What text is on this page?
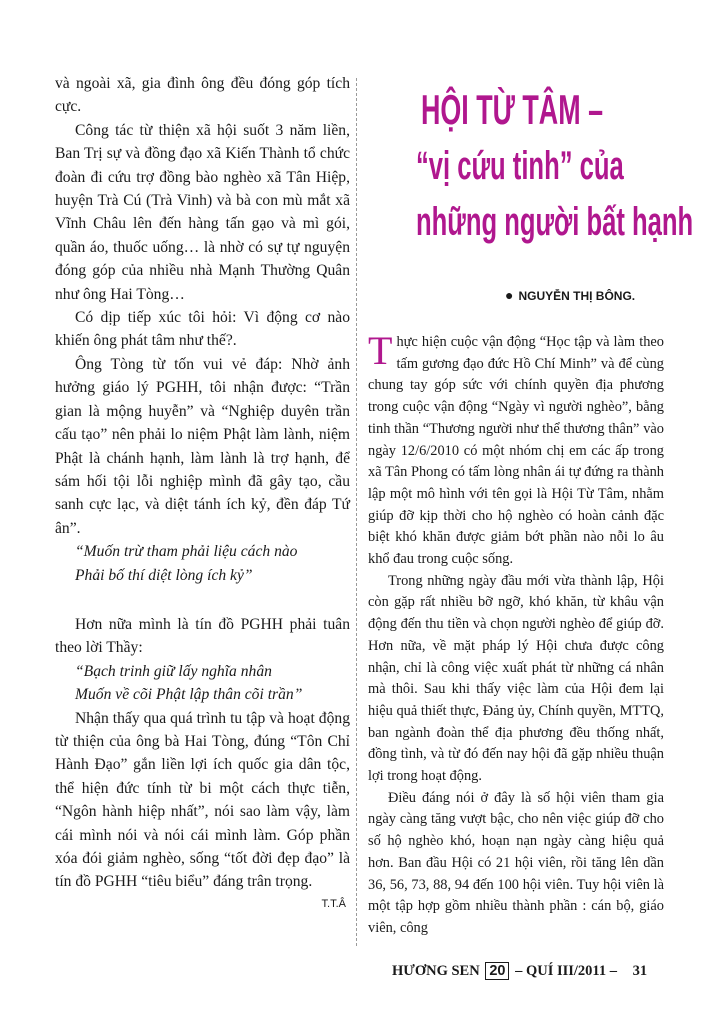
và ngoài xã, gia đình ông đều đóng góp tích cực.

Công tác từ thiện xã hội suốt 3 năm liền, Ban Trị sự và đồng đạo xã Kiến Thành tổ chức đoàn đi cứu trợ đồng bào nghèo xã Tân Hiệp, huyện Trà Cú (Trà Vinh) và bà con mù mắt xã Vĩnh Châu lên đến hàng tấn gạo và mì gói, quần áo, thuốc uống… là nhờ có sự tự nguyện đóng góp của nhiều nhà Mạnh Thường Quân như ông Hai Tòng…

Có dịp tiếp xúc tôi hỏi: Vì động cơ nào khiến ông phát tâm như thế?.

Ông Tòng từ tốn vui vẻ đáp: Nhờ ảnh hưởng giáo lý PGHH, tôi nhận được: “Trần gian là mộng huyễn” và “Nghiệp duyên trần cấu tạo” nên phải lo niệm Phật làm lành, niệm Phật là chánh hạnh, làm lành là trợ hạnh, để sám hối tội lỗi nghiệp mình đã gây tạo, cầu sanh cực lạc, và diệt tánh ích kỷ, đền đáp Tứ ân”.

“Muốn trừ tham phải liệu cách nào

Phải bố thí diệt lòng ích kỷ”

Hơn nữa mình là tín đồ PGHH phải tuân theo lời Thầy:

“Bạch trinh giữ lấy nghĩa nhân

Muốn về cõi Phật lập thân cõi trần”

Nhận thấy qua quá trình tu tập và hoạt động từ thiện của ông bà Hai Tòng, đúng “Tôn Chỉ Hành Đạo” gắn liền lợi ích quốc gia dân tộc, thể hiện đức tính từ bi một cách thực tiễn, “Ngôn hành hiệp nhất”, nói sao làm vậy, làm cái mình nói và nói cái mình làm. Góp phần xóa đói giảm nghèo, sống “tốt đời đẹp đạo” là tín đồ PGHH “tiêu biểu” đáng trân trọng.

T.T.Â
HỘI TỪ TÂM –
“vị cứu tinh” của
những người bất hạnh
● NGUYỄN THỊ BÔNG.

Thực hiện cuộc vận động “Học tập và làm theo tấm gương đạo đức Hồ Chí Minh” và để cùng chung tay góp sức với chính quyền địa phương trong cuộc vận động “Ngày vì người nghèo”, bằng tinh thần “Thương người như thể thương thân” vào ngày 12/6/2010 có một nhóm chị em các ấp trong xã Tân Phong có tấm lòng nhân ái tự đứng ra thành lập một mô hình với tên gọi là Hội Từ Tâm, nhằm giúp đỡ kịp thời cho hộ nghèo có hoàn cảnh đặc biệt khó khăn được giảm bớt phần nào nỗi lo âu khổ đau trong cuộc sống.

Trong những ngày đầu mới vừa thành lập, Hội còn gặp rất nhiều bỡ ngỡ, khó khăn, từ khâu vận động đến thu tiền và chọn người nghèo để giúp đỡ. Hơn nữa, về mặt pháp lý Hội chưa được công nhận, chỉ là công việc xuất phát từ những cá nhân mà thôi. Sau khi thấy việc làm của Hội đem lại hiệu quả thiết thực, Đảng ủy, Chính quyền, MTTQ, ban ngành đoàn thể địa phương đều thống nhất, đồng tình, và từ đó đến nay hội đã gặp nhiều thuận lợi trong hoạt động.

Điều đáng nói ở đây là số hội viên tham gia ngày càng tăng vượt bậc, cho nên việc giúp đỡ cho số hộ nghèo khó, hoạn nạn ngày càng hiệu quả hơn. Ban đầu Hội có 21 hội viên, rồi tăng lên dần 36, 56, 73, 88, 94 đến 100 hội viên. Tuy hội viên là một tập hợp gồm nhiều thành phần : cán bộ, giáo viên, công

HƯƠNG SEN 20 – QUÍ III/2011 – 31
